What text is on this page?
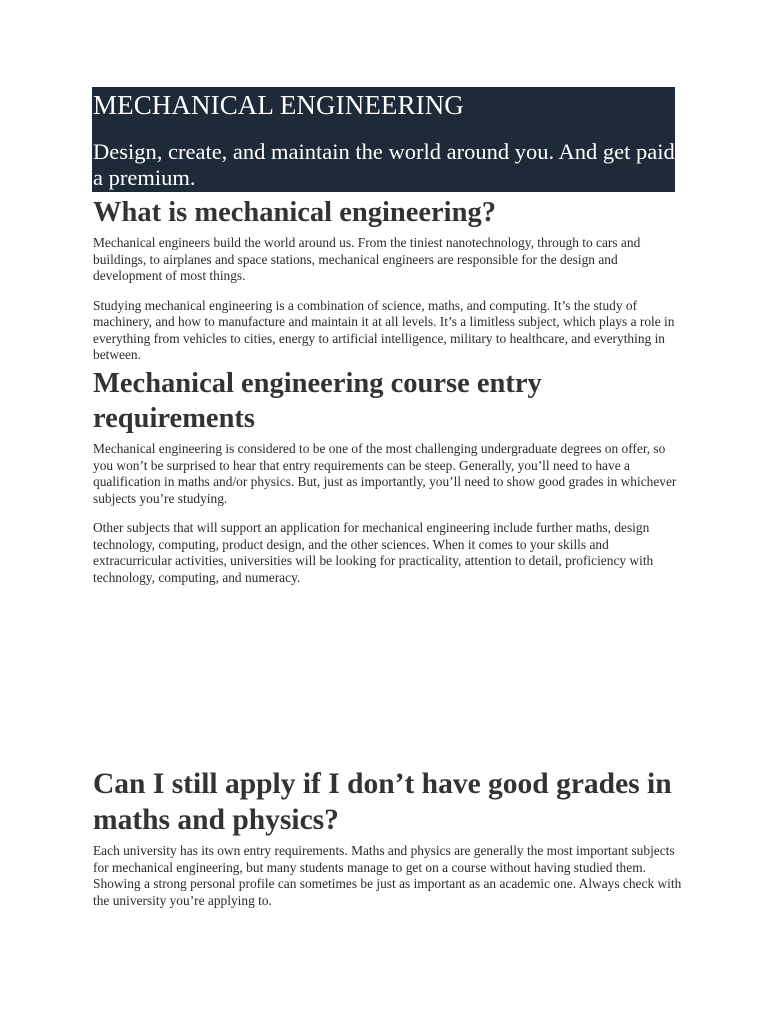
MECHANICAL ENGINEERING
Design, create, and maintain the world around you. And get paid a premium.
What is mechanical engineering?

Mechanical engineers build the world around us. From the tiniest nanotechnology, through to cars and buildings, to airplanes and space stations, mechanical engineers are responsible for the design and development of most things.

Studying mechanical engineering is a combination of science, maths, and computing. It’s the study of machinery, and how to manufacture and maintain it at all levels. It’s a limitless subject, which plays a role in everything from vehicles to cities, energy to artificial intelligence, military to healthcare, and everything in between.

Mechanical engineering course entry requirements

Mechanical engineering is considered to be one of the most challenging undergraduate degrees on offer, so you won’t be surprised to hear that entry requirements can be steep. Generally, you’ll need to have a qualification in maths and/or physics. But, just as importantly, you’ll need to show good grades in whichever subjects you’re studying.

Other subjects that will support an application for mechanical engineering include further maths, design technology, computing, product design, and the other sciences. When it comes to your skills and extracurricular activities, universities will be looking for practicality, attention to detail, proficiency with technology, computing, and numeracy.

Can I still apply if I don’t have good grades in maths and physics?

Each university has its own entry requirements. Maths and physics are generally the most important subjects for mechanical engineering, but many students manage to get on a course without having studied them. Showing a strong personal profile can sometimes be just as important as an academic one. Always check with the university you’re applying to.
